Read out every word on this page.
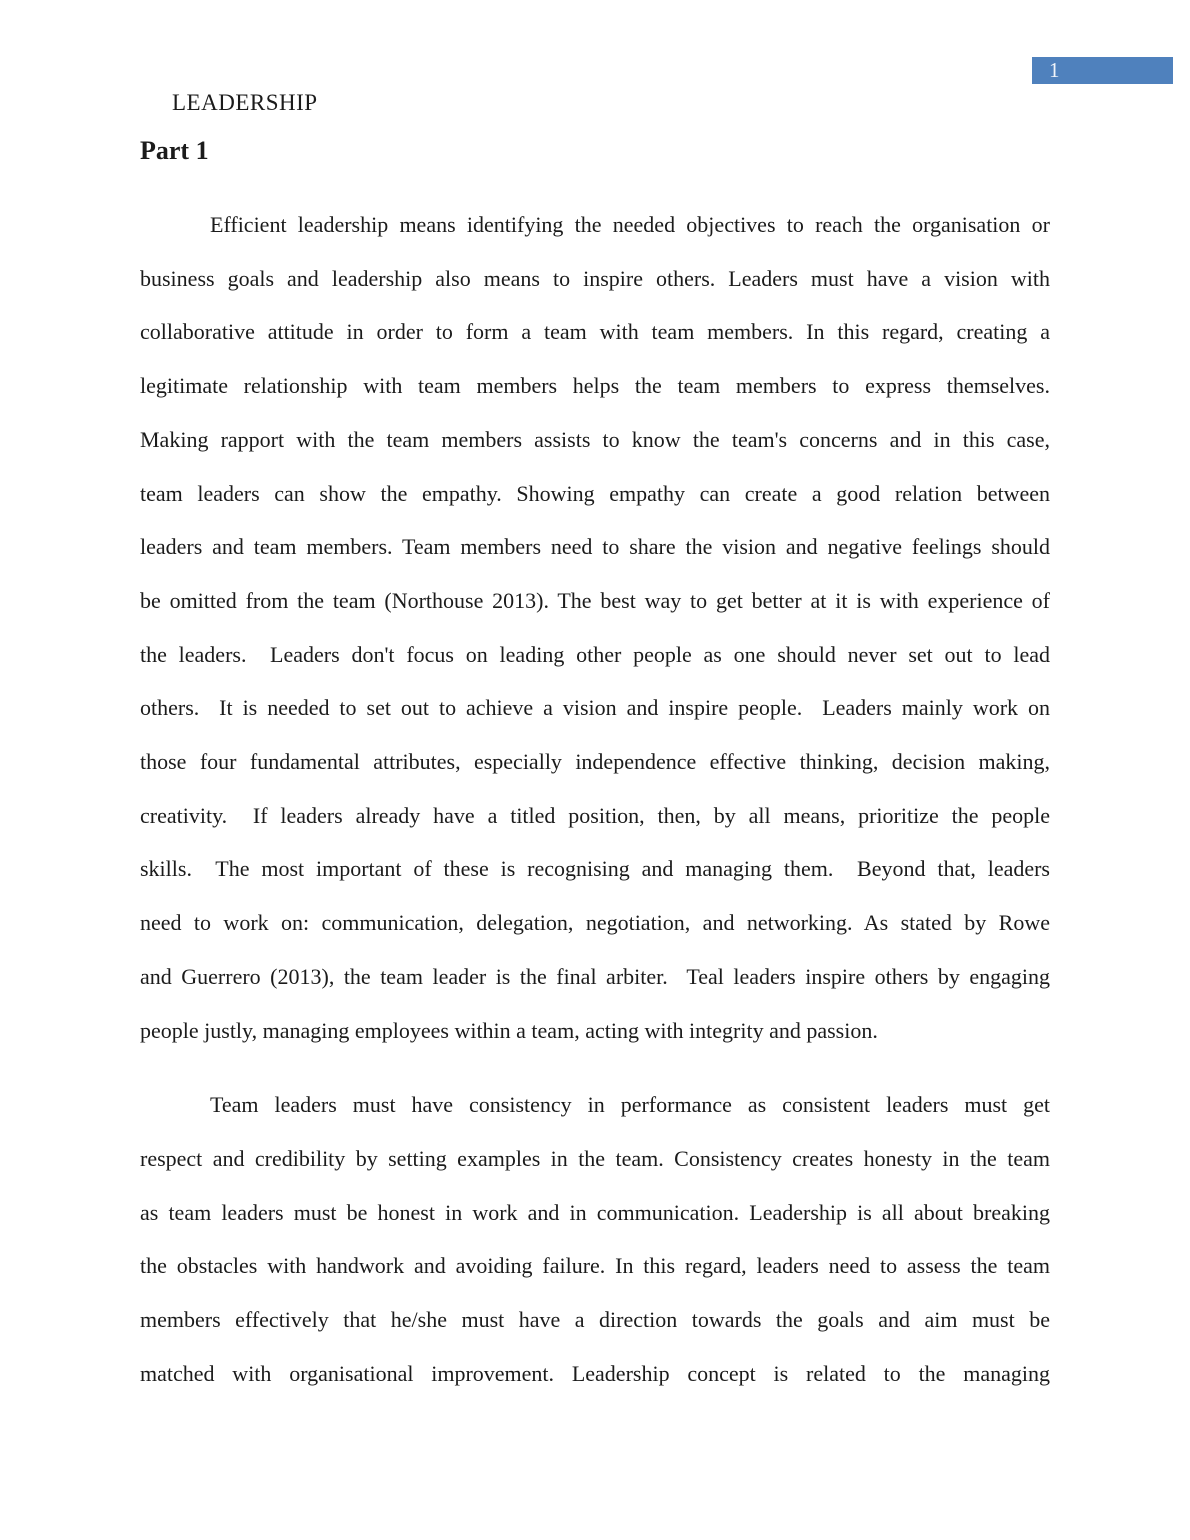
1
LEADERSHIP
Part 1
Efficient leadership means identifying the needed objectives to reach the organisation or
business goals and leadership also means to inspire others. Leaders must have a vision with
collaborative attitude in order to form a team with team members. In this regard, creating a
legitimate relationship with team members helps the team members to express themselves.
Making rapport with the team members assists to know the team's concerns and in this case,
team leaders can show the empathy. Showing empathy can create a good relation between
leaders and team members. Team members need to share the vision and negative feelings should
be omitted from the team (Northouse 2013). The best way to get better at it is with experience of
the leaders.  Leaders don't focus on leading other people as one should never set out to lead
others.  It is needed to set out to achieve a vision and inspire people.  Leaders mainly work on
those four fundamental attributes, especially independence effective thinking, decision making,
creativity.  If leaders already have a titled position, then, by all means, prioritize the people
skills.  The most important of these is recognising and managing them.  Beyond that, leaders
need to work on: communication, delegation, negotiation, and networking. As stated by Rowe
and Guerrero (2013), the team leader is the final arbiter.  Teal leaders inspire others by engaging
people justly, managing employees within a team, acting with integrity and passion.
Team leaders must have consistency in performance as consistent leaders must get
respect and credibility by setting examples in the team. Consistency creates honesty in the team
as team leaders must be honest in work and in communication. Leadership is all about breaking
the obstacles with handwork and avoiding failure. In this regard, leaders need to assess the team
members effectively that he/she must have a direction towards the goals and aim must be
matched with organisational improvement. Leadership concept is related to the managing
